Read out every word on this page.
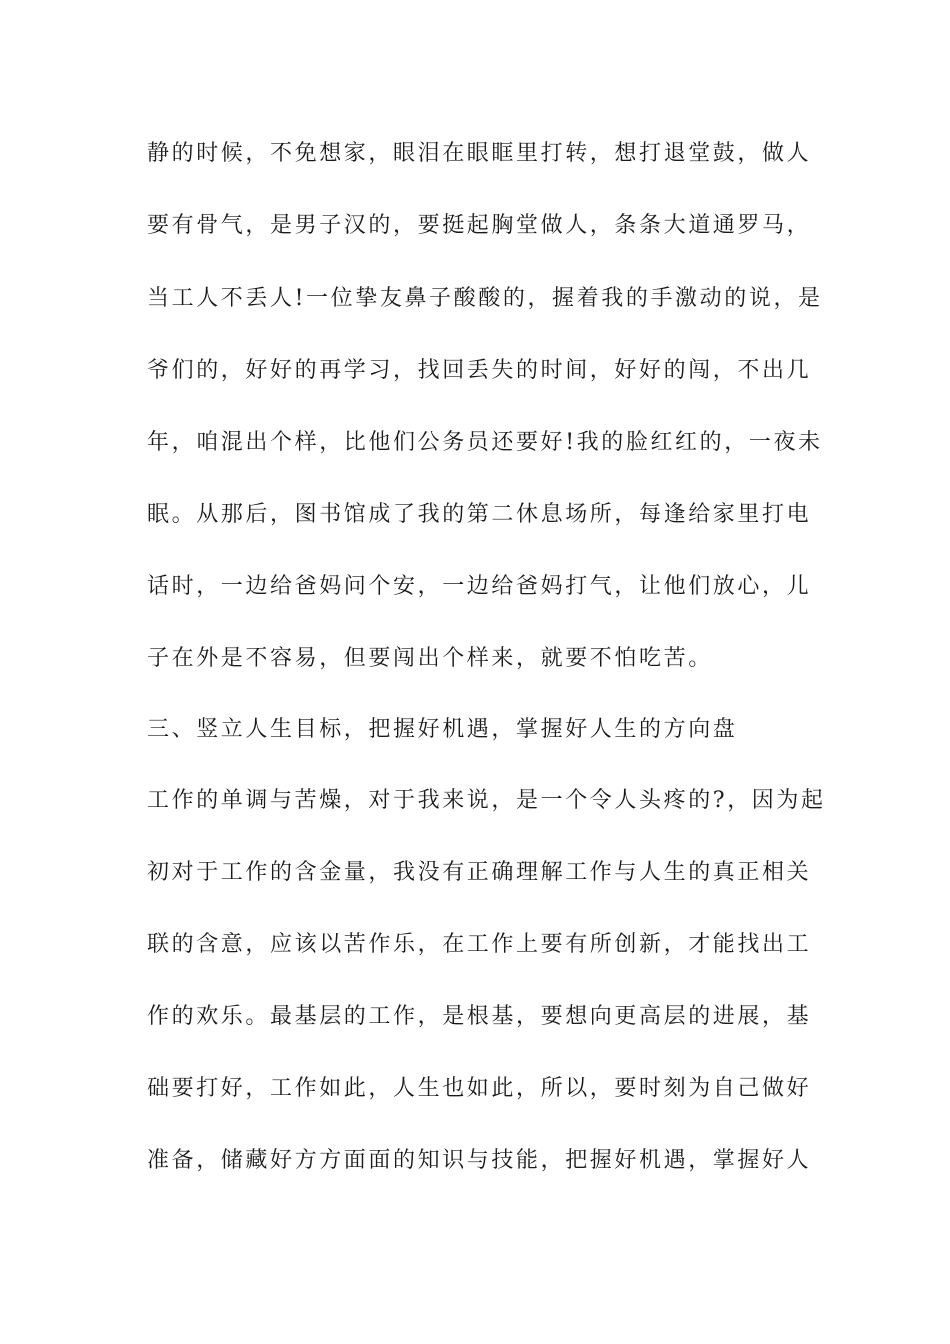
静的时候，不免想家，眼泪在眼眶里打转，想打退堂鼓，做人
要有骨气，是男子汉的，要挺起胸堂做人，条条大道通罗马，
当工人不丢人!一位挚友鼻子酸酸的，握着我的手激动的说，是
爷们的，好好的再学习，找回丢失的时间，好好的闯，不出几
年，咱混出个样，比他们公务员还要好!我的脸红红的，一夜未
眠。从那后，图书馆成了我的第二休息场所，每逢给家里打电
话时，一边给爸妈问个安，一边给爸妈打气，让他们放心，儿
子在外是不容易，但要闯出个样来，就要不怕吃苦。
三、竖立人生目标，把握好机遇，掌握好人生的方向盘
工作的单调与苦燥，对于我来说，是一个令人头疼的?，因为起
初对于工作的含金量，我没有正确理解工作与人生的真正相关
联的含意，应该以苦作乐，在工作上要有所创新，才能找出工
作的欢乐。最基层的工作，是根基，要想向更高层的进展，基
础要打好，工作如此，人生也如此，所以，要时刻为自己做好
准备，储藏好方方面面的知识与技能，把握好机遇，掌握好人
